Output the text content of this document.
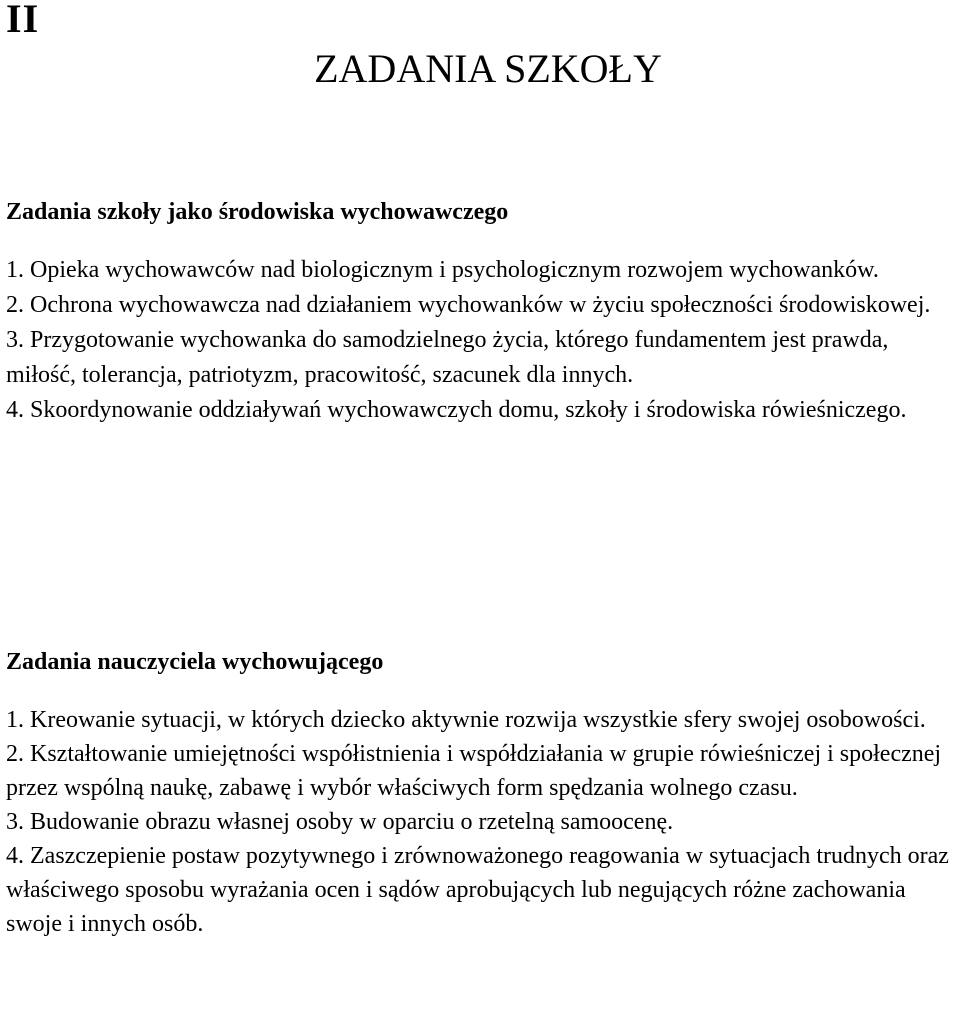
II
ZADANIA SZKOŁY
Zadania szkoły jako środowiska wychowawczego
1. Opieka wychowawców nad biologicznym i psychologicznym rozwojem wychowanków.
2. Ochrona wychowawcza nad działaniem wychowanków w życiu społeczności środowiskowej.
3. Przygotowanie wychowanka do samodzielnego życia, którego fundamentem jest prawda, miłość, tolerancja, patriotyzm, pracowitość, szacunek dla innych.
4. Skoordynowanie oddziaływań wychowawczych domu, szkoły i środowiska rówieśniczego.
Zadania nauczyciela wychowującego
1. Kreowanie sytuacji, w których dziecko aktywnie rozwija wszystkie sfery swojej osobowości.
2. Kształtowanie umiejętności współistnienia i współdziałania w grupie rówieśniczej i społecznej przez wspólną naukę, zabawę i wybór właściwych form spędzania wolnego czasu.
3. Budowanie obrazu własnej osoby w oparciu o rzetelną samoocenę.
4. Zaszczepienie postaw pozytywnego i zrównoważonego reagowania w sytuacjach trudnych oraz właściwego sposobu wyrażania ocen i sądów aprobujących lub negujących różne zachowania swoje i innych osób.
